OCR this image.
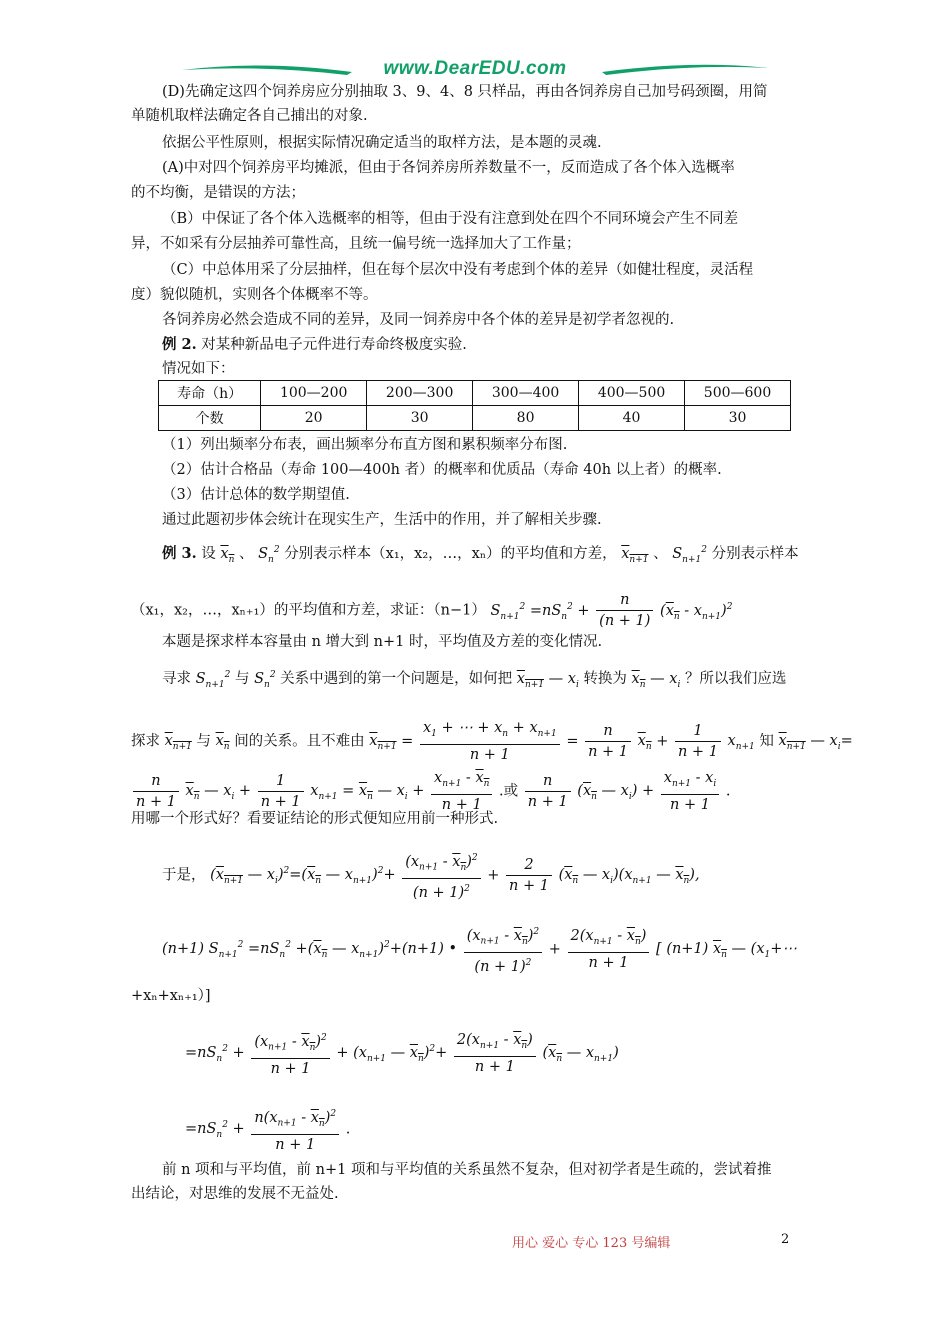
www.DearEDU.com
(D)先确定这四个饲养房应分别抽取 3、9、4、8 只样品，再由各饲养房自己加号码颈圈，用简
单随机取样法确定各自己捕出的对象.
依据公平性原则，根据实际情况确定适当的取样方法，是本题的灵魂.
(A)中对四个饲养房平均摊派，但由于各饲养房所养数量不一，反而造成了各个体入选概率
的不均衡，是错误的方法；
（B）中保证了各个体入选概率的相等，但由于没有注意到处在四个不同环境会产生不同差
异，不如采有分层抽养可靠性高，且统一偏号统一选择加大了工作量；
（C）中总体用采了分层抽样，但在每个层次中没有考虑到个体的差异（如健壮程度，灵活程
度）貌似随机，实则各个体概率不等。
各饲养房必然会造成不同的差异，及同一饲养房中各个体的差异是初学者忽视的.
例 2. 对某种新品电子元件进行寿命终极度实验.
情况如下：
寿命（h）	100—200	200—300	300—400	400—500	500—600
个数	20	30	80	40	30
（1）列出频率分布表，画出频率分布直方图和累积频率分布图.
（2）估计合格品（寿命 100—400h 者）的概率和优质品（寿命 40h 以上者）的概率.
（3）估计总体的数学期望值.
通过此题初步体会统计在现实生产，生活中的作用，并了解相关步骤.
例 3. 设 $x_n$ 、 $S_n^2$ 分别表示样本（x₁，x₂，…，xₙ）的平均值和方差， $x_{n+1}$ 、 $S_{n+1}^2$ 分别表示样本
（x₁，x₂，…，xₙ₊₁）的平均值和方差，求证：（n−1） $S_{n+1}^2 =nS_n^2 + \frac{n}{(n + 1)} (x_n - x_{n+1})^2$
本题是探求样本容量由 n 增大到 n+1 时，平均值及方差的变化情况.
寻求 $S_{n+1}^2$ 与 $S_n^2$ 关系中遇到的第一个问题是，如何把 $x_{n+1}$ — $x_i$ 转换为 $x_n$ — $x_i$ ？所以我们应选
探求 $x_{n+1}$ 与 $x_n$ 间的关系。且不难由 $x_{n+1} = \frac{x_1 + \cdots + x_n + x_{n+1}}{n + 1} = \frac{n}{n + 1} x_n + \frac{1}{n + 1} x_{n+1}$ 知 $x_{n+1}$ — $x_i=$
$\frac{n}{n + 1} x_n$ — $x_i + \frac{1}{n + 1} x_{n+1} = x_n$ — $x_i + \frac{x_{n+1} - x_n}{n + 1}$ .或 $\frac{n}{n + 1} (x_n$ — $x_i) + \frac{x_{n+1} - x_i}{n + 1}$ .
用哪一个形式好？看要证结论的形式便知应用前一种形式.
于是， ($x_{n+1}$ — $x_i)^2=(x_n$ — $x_{n+1})^2+ \frac{(x_{n+1} - x_n)^2}{(n + 1)^2} + \frac{2}{n + 1} (x_n$ — $x_i)(x_{n+1}$ — $x_n$),
(n+1) $S_{n+1}^2 =nS_n^2 +(x_n$ — $x_{n+1})^2+(n+1)$ • $\frac{(x_{n+1} - x_n)^2}{(n + 1)^2} + \frac{2(x_{n+1} - x_n)}{n + 1}$ [ (n+1) $x_n$ — ($x_1+\cdots$
+xₙ+xₙ₊₁）]
$=nS_n^2 + \frac{(x_{n+1} - x_n)^2}{n + 1} + (x_{n+1}$ — $x_n)^2+ \frac{2(x_{n+1} - x_n)}{n + 1} (x_n$ — $x_{n+1}$)
$=nS_n^2 + \frac{n(x_{n+1} - x_n)^2}{n + 1}$ .
前 n 项和与平均值，前 n+1 项和与平均值的关系虽然不复杂，但对初学者是生疏的，尝试着推
出结论，对思维的发展不无益处.
用心 爱心 专心 123 号编辑	2
